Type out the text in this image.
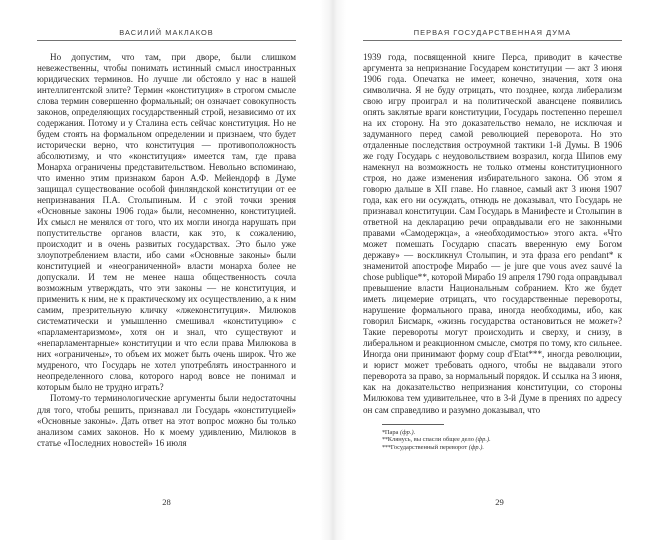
ВАСИЛИЙ МАКЛАКОВ

Но допустим, что там, при дворе, были слишком невежественны, чтобы понимать истинный смысл иностранных юридических терминов. Но лучше ли обстояло у нас в нашей интеллигентской элите? Термин «конституция» в строгом смысле слова термин совершенно формальный; он означает совокупность законов, определяющих государственный строй, независимо от их содержания. Потому и у Сталина есть сейчас конституция. Но не будем стоять на формальном определении и признаем, что будет исторически верно, что конституция — противоположность абсолютизму, и что «конституция» имеется там, где права Монарха ограничены представительством. Невольно вспоминаю, что именно этим признаком барон А.Ф. Мейендорф в Думе защищал существование особой финляндской конституции от ее непризнавания П.А. Столыпиным. И с этой точки зрения «Основные законы 1906 года» были, несомненно, конституцией. Их смысл не менялся от того, что их могли иногда нарушать при попустительстве органов власти, как это, к сожалению, происходит и в очень развитых государствах. Это было уже злоупотреблением власти, ибо сами «Основные законы» были конституцией и «неограниченной» власти монарха более не допускали. И тем не менее наша общественность сочла возможным утверждать, что эти законы — не конституция, и применить к ним, не к практическому их осуществлению, а к ним самим, презрительную кличку «лжеконституция». Милюков систематически и умышленно смешивал «конституцию» с «парламентаризмом», хотя он и знал, что существуют и «непарламентарные» конституции и что если права Милюкова в них «ограничены», то объем их может быть очень широк. Что же мудреного, что Государь не хотел употреблять иностранного и неопределенного слова, которого народ вовсе не понимал и которым было не трудно играть?

Потому-то терминологические аргументы были недостаточны для того, чтобы решить, признавал ли Государь «конституцией» «Основные законы». Дать ответ на этот вопрос можно бы только анализом самих законов. Но к моему удивлению, Милюков в статье «Последних новостей» 16 июля

28
ПЕРВАЯ ГОСУДАРСТВЕННАЯ ДУМА

1939 года, посвященной книге Перса, приводит в качестве аргумента за непризнание Государем конституции — акт 3 июня 1906 года. Опечатка не имеет, конечно, значения, хотя она символична. Я не буду отрицать, что позднее, когда либерализм свою игру проиграл и на политической авансцене появились опять заклятые враги конституции, Государь постепенно перешел на их сторону. На это доказательство немало, не исключая и задуманного перед самой революцией переворота. Но это отдаленные последствия остроумной тактики 1-й Думы. В 1906 же году Государь с неудовольствием возразил, когда Шипов ему намекнул на возможность не только отмены конституционного строя, но даже изменения избирательного закона. Об этом я говорю дальше в XII главе. Но главное, самый акт 3 июня 1907 года, как его ни осуждать, отнюдь не доказывал, что Государь не признавал конституции. Сам Государь в Манифесте и Столыпин в ответной на декларацию речи оправдывали его не законными правами «Самодержца», а «необходимостью» этого акта. «Что может помешать Государю спасать вверенную ему Богом державу» — воскликнул Столыпин, и эта фраза его pendant* к знаменитой апострофе Мирабо — je jure que vous avez sauvé la chose publique**, которой Мирабо 19 апреля 1790 года оправдывал превышение власти Национальным собранием. Кто же будет иметь лицемерие отрицать, что государственные перевороты, нарушение формального права, иногда необходимы, ибо, как говорил Бисмарк, «жизнь государства остановиться не может»? Такие перевороты могут происходить и сверху, и снизу, в либеральном и реакционном смысле, смотря по тому, кто сильнее. Иногда они принимают форму coup d'Etat***, иногда революции, и юрист может требовать одного, чтобы не выдавали этого переворота за право, за нормальный порядок. И ссылка на 3 июня, как на доказательство непризнания конституции, со стороны Милюкова тем удивительнее, что в 3-й Думе в прениях по адресу он сам справедливо и разумно доказывал, что

*Пара (фр.).
**Клянусь, вы спасли общее дело (фр.).
***Государственный переворот (фр.).
29
